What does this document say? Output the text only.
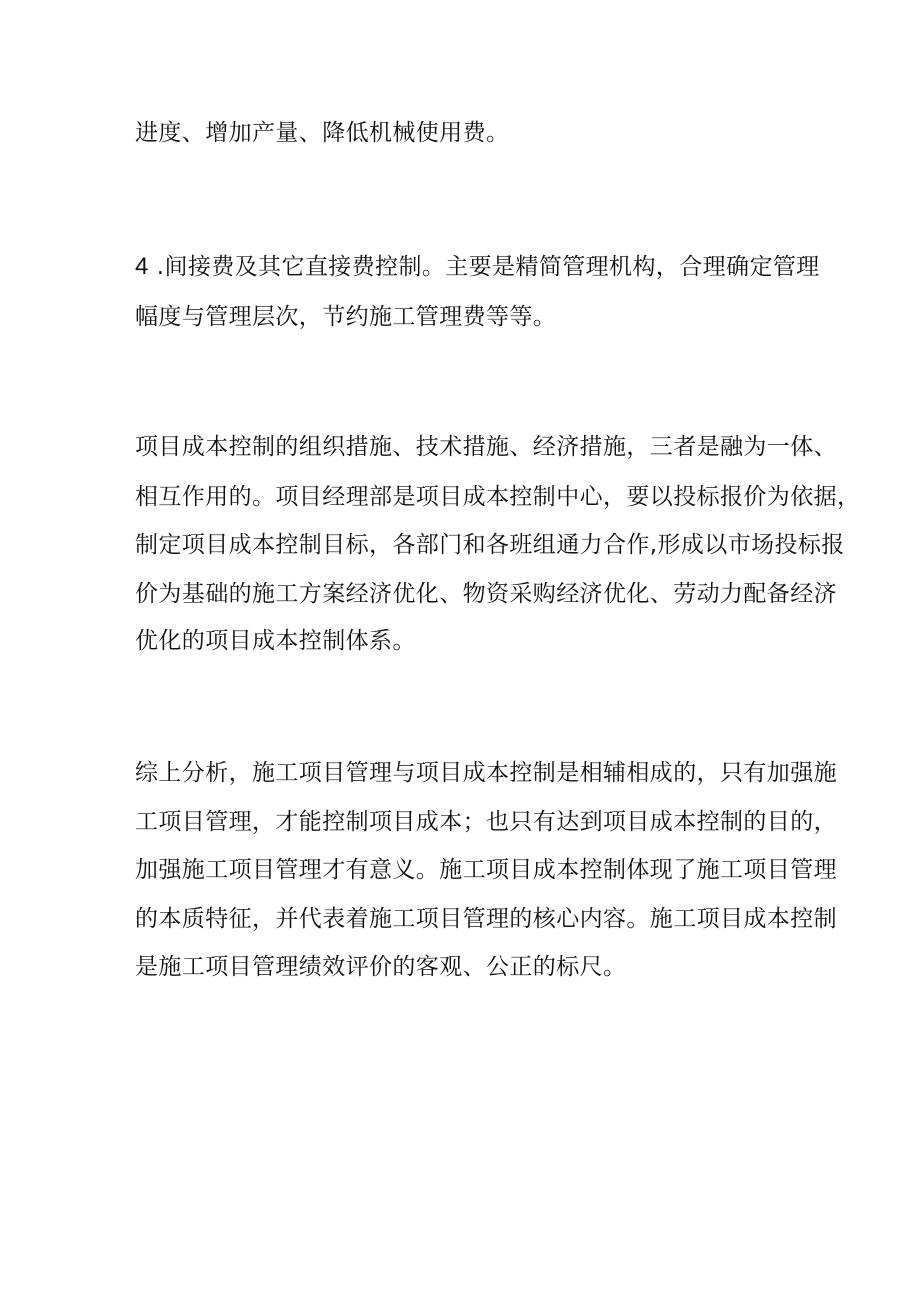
进度、增加产量、降低机械使用费。
4 .间接费及其它直接费控制。主要是精简管理机构，合理确定管理
幅度与管理层次，节约施工管理费等等。
项目成本控制的组织措施、技术措施、经济措施，三者是融为一体、
相互作用的。项目经理部是项目成本控制中心，要以投标报价为依据，
制定项目成本控制目标，各部门和各班组通力合作,形成以市场投标报
价为基础的施工方案经济优化、物资采购经济优化、劳动力配备经济
优化的项目成本控制体系。
综上分析，施工项目管理与项目成本控制是相辅相成的，只有加强施
工项目管理，才能控制项目成本；也只有达到项目成本控制的目的，
加强施工项目管理才有意义。施工项目成本控制体现了施工项目管理
的本质特征，并代表着施工项目管理的核心内容。施工项目成本控制
是施工项目管理绩效评价的客观、公正的标尺。
